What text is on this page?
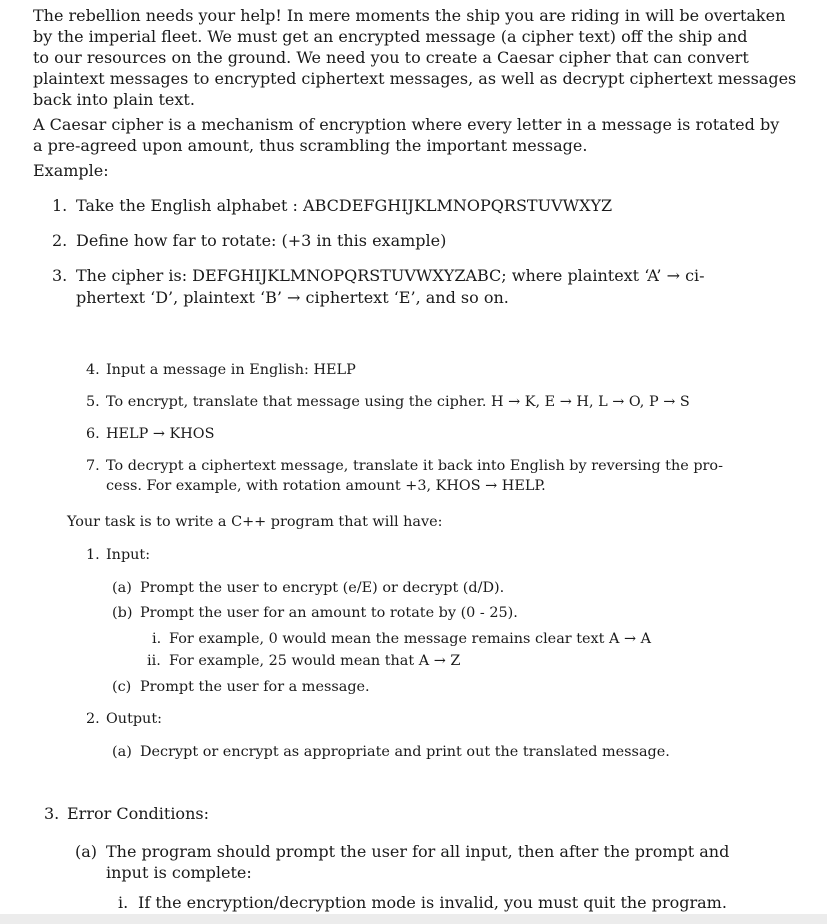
The rebellion needs your help! In mere moments the ship you are riding in will be overtaken

by the imperial fleet. We must get an encrypted message (a cipher text) off the ship and

to our resources on the ground. We need you to create a Caesar cipher that can convert

plaintext messages to encrypted ciphertext messages, as well as decrypt ciphertext messages

back into plain text.

A Caesar cipher is a mechanism of encryption where every letter in a message is rotated by

a pre-agreed upon amount, thus scrambling the important message.

Example:

1. Take the English alphabet : ABCDEFGHIJKLMNOPQRSTUVWXYZ

2. Define how far to rotate: (+3 in this example)

3. The cipher is: DEFGHIJKLMNOPQRSTUVWXYZABC; where plaintext ‘A’ → ci-

phertext ‘D’, plaintext ‘B’ → ciphertext ‘E’, and so on.

4. Input a message in English: HELP

5. To encrypt, translate that message using the cipher. H → K, E → H, L → O, P → S

6. HELP → KHOS

7. To decrypt a ciphertext message, translate it back into English by reversing the pro-

cess. For example, with rotation amount +3, KHOS → HELP.

Your task is to write a C++ program that will have:

1. Input:

(a) Prompt the user to encrypt (e/E) or decrypt (d/D).

(b) Prompt the user for an amount to rotate by (0 - 25).

i. For example, 0 would mean the message remains clear text A → A

ii. For example, 25 would mean that A → Z

(c) Prompt the user for a message.

2. Output:

(a) Decrypt or encrypt as appropriate and print out the translated message.

3. Error Conditions:

(a) The program should prompt the user for all input, then after the prompt and

input is complete:

i. If the encryption/decryption mode is invalid, you must quit the program.
